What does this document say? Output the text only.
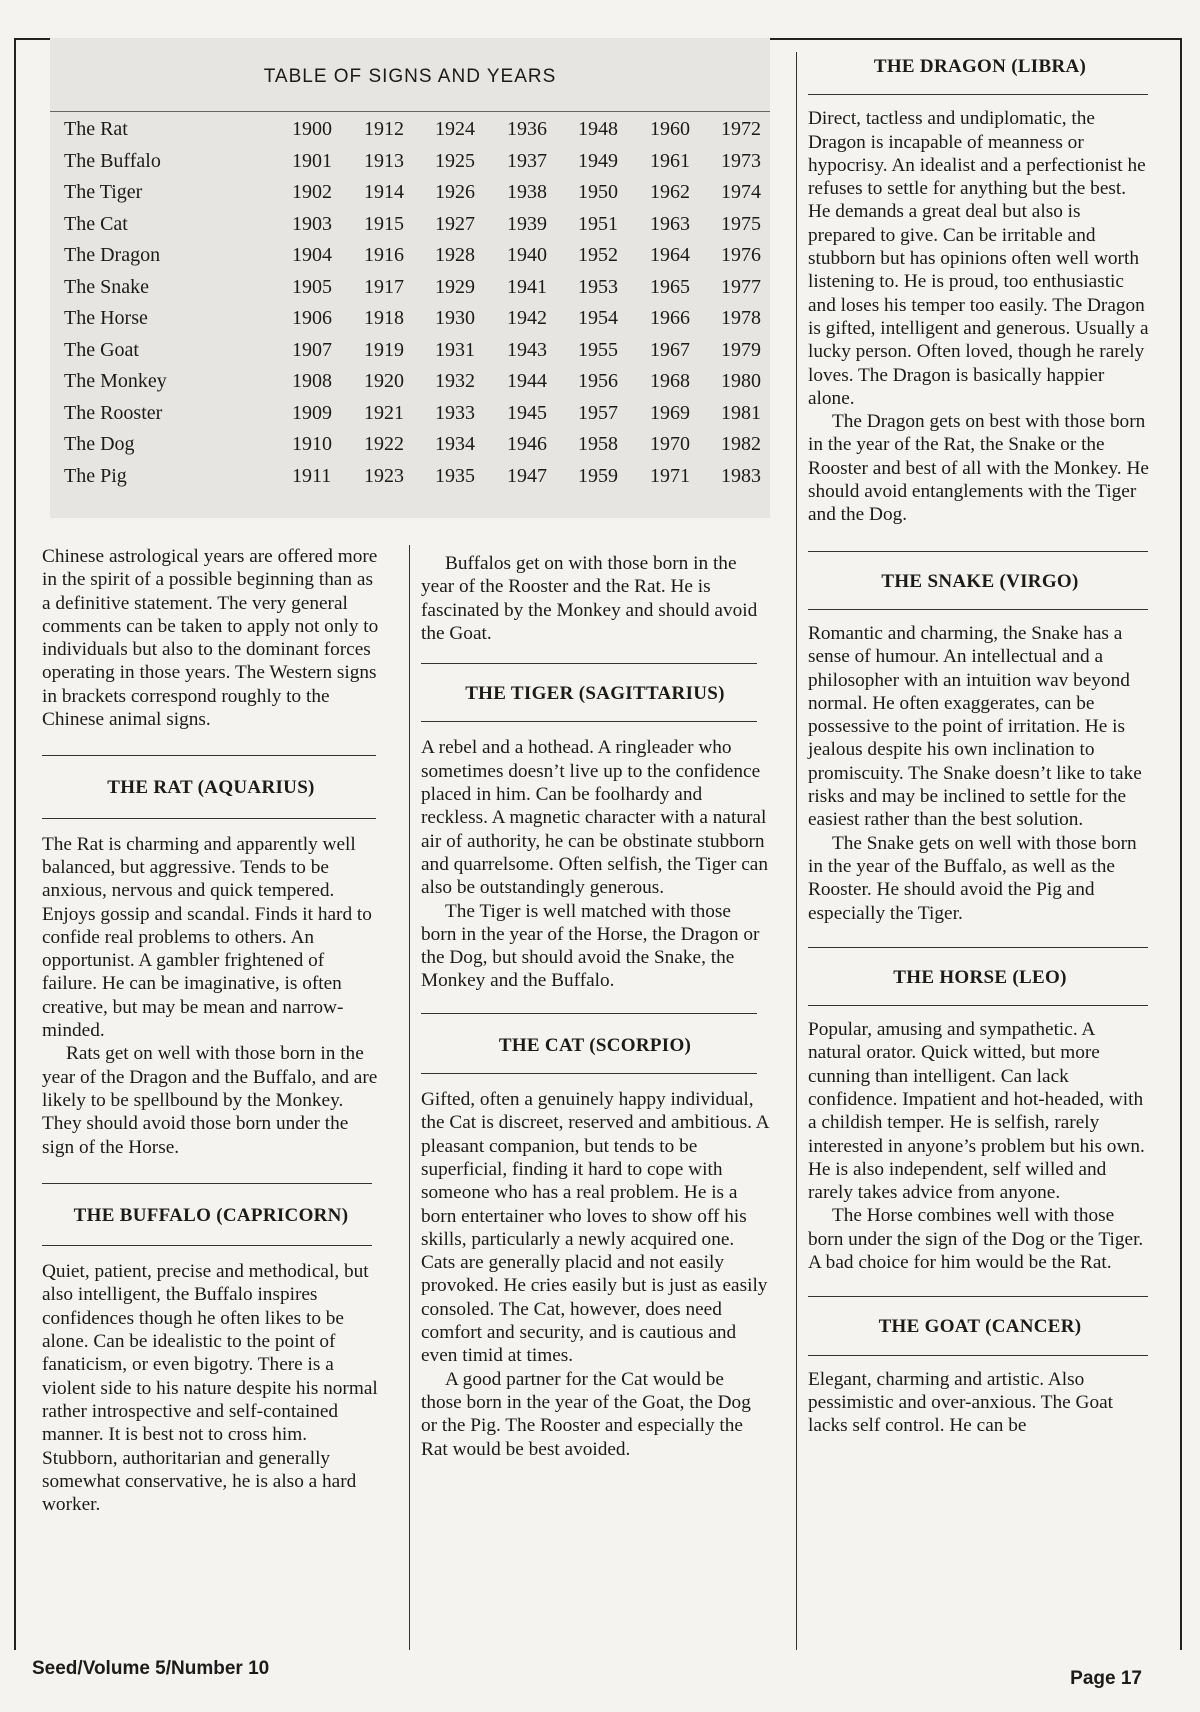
TABLE OF SIGNS AND YEARS
The Rat	1900 1912 1924 1936 1948 1960 1972
The Buffalo	1901 1913 1925 1937 1949 1961 1973
The Tiger	1902 1914 1926 1938 1950 1962 1974
The Cat	1903 1915 1927 1939 1951 1963 1975
The Dragon	1904 1916 1928 1940 1952 1964 1976
The Snake	1905 1917 1929 1941 1953 1965 1977
The Horse	1906 1918 1930 1942 1954 1966 1978
The Goat	1907 1919 1931 1943 1955 1967 1979
The Monkey	1908 1920 1932 1944 1956 1968 1980
The Rooster	1909 1921 1933 1945 1957 1969 1981
The Dog	1910 1922 1934 1946 1958 1970 1982
The Pig	1911 1923 1935 1947 1959 1971 1983

Chinese astrological years are offered more in the spirit of a possible beginning than as a definitive statement. The very general comments can be taken to apply not only to individuals but also to the dominant forces operating in those years. The Western signs in brackets correspond roughly to the Chinese animal signs.

THE RAT (AQUARIUS)

The Rat is charming and apparently well balanced, but aggressive. Tends to be anxious, nervous and quick tempered. Enjoys gossip and scandal. Finds it hard to confide real problems to others. An opportunist. A gambler frightened of failure. He can be imaginative, is often creative, but may be mean and narrow-minded.

Rats get on well with those born in the year of the Dragon and the Buffalo, and are likely to be spellbound by the Monkey. They should avoid those born under the sign of the Horse.

THE BUFFALO (CAPRICORN)

Quiet, patient, precise and methodical, but also intelligent, the Buffalo inspires confidences though he often likes to be alone. Can be idealistic to the point of fanaticism, or even bigotry. There is a violent side to his nature despite his normal rather introspective and self-contained manner. It is best not to cross him. Stubborn, authoritarian and generally somewhat conservative, he is also a hard worker.

Buffalos get on with those born in the year of the Rooster and the Rat. He is fascinated by the Monkey and should avoid the Goat.

THE TIGER (SAGITTARIUS)

A rebel and a hothead. A ringleader who sometimes doesn’t live up to the confidence placed in him. Can be foolhardy and reckless. A magnetic character with a natural air of authority, he can be obstinate stubborn and quarrelsome. Often selfish, the Tiger can also be outstandingly generous.

The Tiger is well matched with those born in the year of the Horse, the Dragon or the Dog, but should avoid the Snake, the Monkey and the Buffalo.

THE CAT (SCORPIO)

Gifted, often a genuinely happy individual, the Cat is discreet, reserved and ambitious. A pleasant companion, but tends to be superficial, finding it hard to cope with someone who has a real problem. He is a born entertainer who loves to show off his skills, particularly a newly acquired one. Cats are generally placid and not easily provoked. He cries easily but is just as easily consoled. The Cat, however, does need comfort and security, and is cautious and even timid at times.

A good partner for the Cat would be those born in the year of the Goat, the Dog or the Pig. The Rooster and especially the Rat would be best avoided.

THE DRAGON (LIBRA)

Direct, tactless and undiplomatic, the Dragon is incapable of meanness or hypocrisy. An idealist and a perfectionist he refuses to settle for anything but the best. He demands a great deal but also is prepared to give. Can be irritable and stubborn but has opinions often well worth listening to. He is proud, too enthusiastic and loses his temper too easily. The Dragon is gifted, intelligent and generous. Usually a lucky person. Often loved, though he rarely loves. The Dragon is basically happier alone.

The Dragon gets on best with those born in the year of the Rat, the Snake or the Rooster and best of all with the Monkey. He should avoid entanglements with the Tiger and the Dog.

THE SNAKE (VIRGO)

Romantic and charming, the Snake has a sense of humour. An intellectual and a philosopher with an intuition wav beyond normal. He often exaggerates, can be possessive to the point of irritation. He is jealous despite his own inclination to promiscuity. The Snake doesn’t like to take risks and may be inclined to settle for the easiest rather than the best solution.

The Snake gets on well with those born in the year of the Buffalo, as well as the Rooster. He should avoid the Pig and especially the Tiger.

THE HORSE (LEO)

Popular, amusing and sympathetic. A natural orator. Quick witted, but more cunning than intelligent. Can lack confidence. Impatient and hot-headed, with a childish temper. He is selfish, rarely interested in anyone’s problem but his own. He is also independent, self willed and rarely takes advice from anyone.

The Horse combines well with those born under the sign of the Dog or the Tiger. A bad choice for him would be the Rat.

THE GOAT (CANCER)

Elegant, charming and artistic. Also pessimistic and over-anxious. The Goat lacks self control. He can be

Seed/Volume 5/Number 10	Page 17
